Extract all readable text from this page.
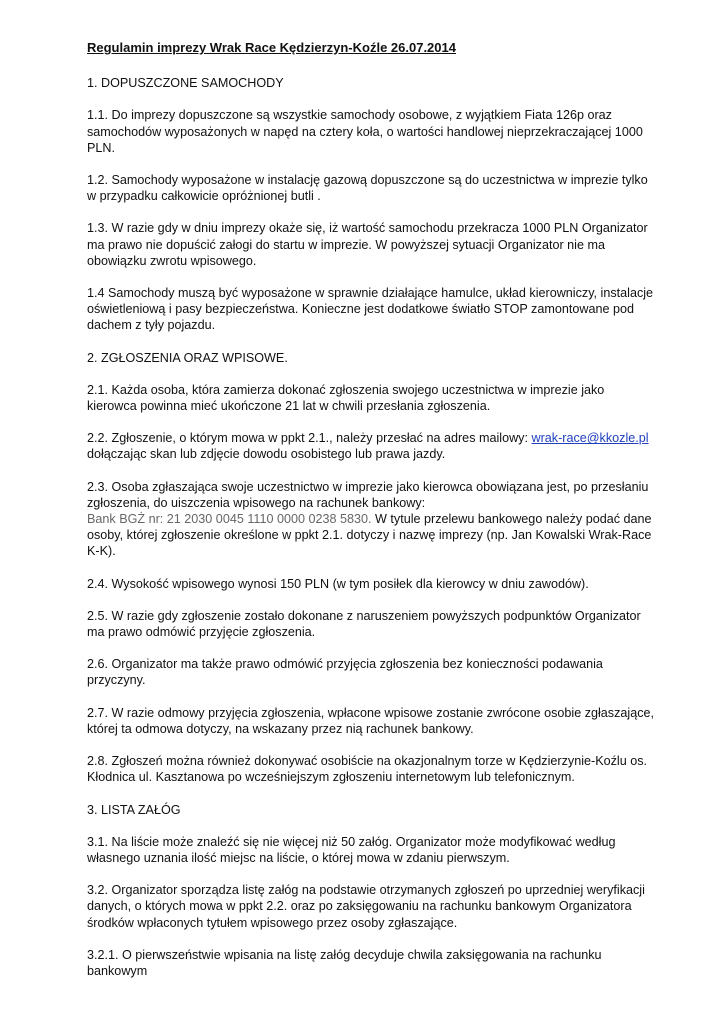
Regulamin imprezy Wrak Race Kędzierzyn-Koźle 26.07.2014
1. DOPUSZCZONE SAMOCHODY
1.1. Do imprezy dopuszczone są wszystkie samochody osobowe, z wyjątkiem Fiata 126p oraz samochodów wyposażonych w napęd na cztery koła, o wartości handlowej nieprzekraczającej 1000 PLN.
1.2. Samochody wyposażone w instalację gazową dopuszczone są do uczestnictwa w imprezie tylko w przypadku całkowicie opróżnionej butli .
1.3. W razie gdy w dniu imprezy okaże się, iż wartość samochodu przekracza 1000 PLN Organizator ma prawo nie dopuścić załogi do startu w imprezie. W powyższej sytuacji Organizator nie ma obowiązku zwrotu wpisowego.
1.4 Samochody muszą być wyposażone w sprawnie działające hamulce, układ kierowniczy, instalacje oświetleniową i pasy bezpieczeństwa. Konieczne jest dodatkowe światło STOP zamontowane pod dachem z tyły pojazdu.
2. ZGŁOSZENIA ORAZ WPISOWE.
2.1. Każda osoba, która zamierza dokonać zgłoszenia swojego uczestnictwa w imprezie jako kierowca powinna mieć ukończone 21 lat w chwili przesłania zgłoszenia.
2.2. Zgłoszenie, o którym mowa w ppkt 2.1., należy przesłać na adres mailowy: wrak-race@kkozle.pl dołączając skan lub zdjęcie dowodu osobistego lub prawa jazdy.
2.3. Osoba zgłaszająca swoje uczestnictwo w imprezie jako kierowca obowiązana jest, po przesłaniu zgłoszenia, do uiszczenia wpisowego na rachunek bankowy:
Bank BGŻ nr: 21 2030 0045 1110 0000 0238 5830. W tytule przelewu bankowego należy podać dane osoby, której zgłoszenie określone w ppkt 2.1. dotyczy i nazwę imprezy (np. Jan Kowalski Wrak-Race K-K).
2.4. Wysokość wpisowego wynosi 150 PLN (w tym posiłek dla kierowcy w dniu zawodów).
2.5. W razie gdy zgłoszenie zostało dokonane z naruszeniem powyższych podpunktów Organizator ma prawo odmówić przyjęcie zgłoszenia.
2.6. Organizator ma także prawo odmówić przyjęcia zgłoszenia bez konieczności podawania przyczyny.
2.7. W razie odmowy przyjęcia zgłoszenia, wpłacone wpisowe zostanie zwrócone osobie zgłaszające, której ta odmowa dotyczy, na wskazany przez nią rachunek bankowy.
2.8. Zgłoszeń można również dokonywać osobiście na okazjonalnym torze w Kędzierzynie-Koźlu os. Kłodnica ul. Kasztanowa po wcześniejszym zgłoszeniu internetowym lub telefonicznym.
3. LISTA ZAŁÓG
3.1. Na liście może znaleźć się nie więcej niż 50 załóg. Organizator może modyfikować według własnego uznania ilość miejsc na liście, o której mowa w zdaniu pierwszym.
3.2. Organizator sporządza listę załóg na podstawie otrzymanych zgłoszeń po uprzedniej weryfikacji danych, o których mowa w ppkt 2.2. oraz po zaksięgowaniu na rachunku bankowym Organizatora środków wpłaconych tytułem wpisowego przez osoby zgłaszające.
3.2.1. O pierwszeństwie wpisania na listę załóg decyduje chwila zaksięgowania na rachunku bankowym
